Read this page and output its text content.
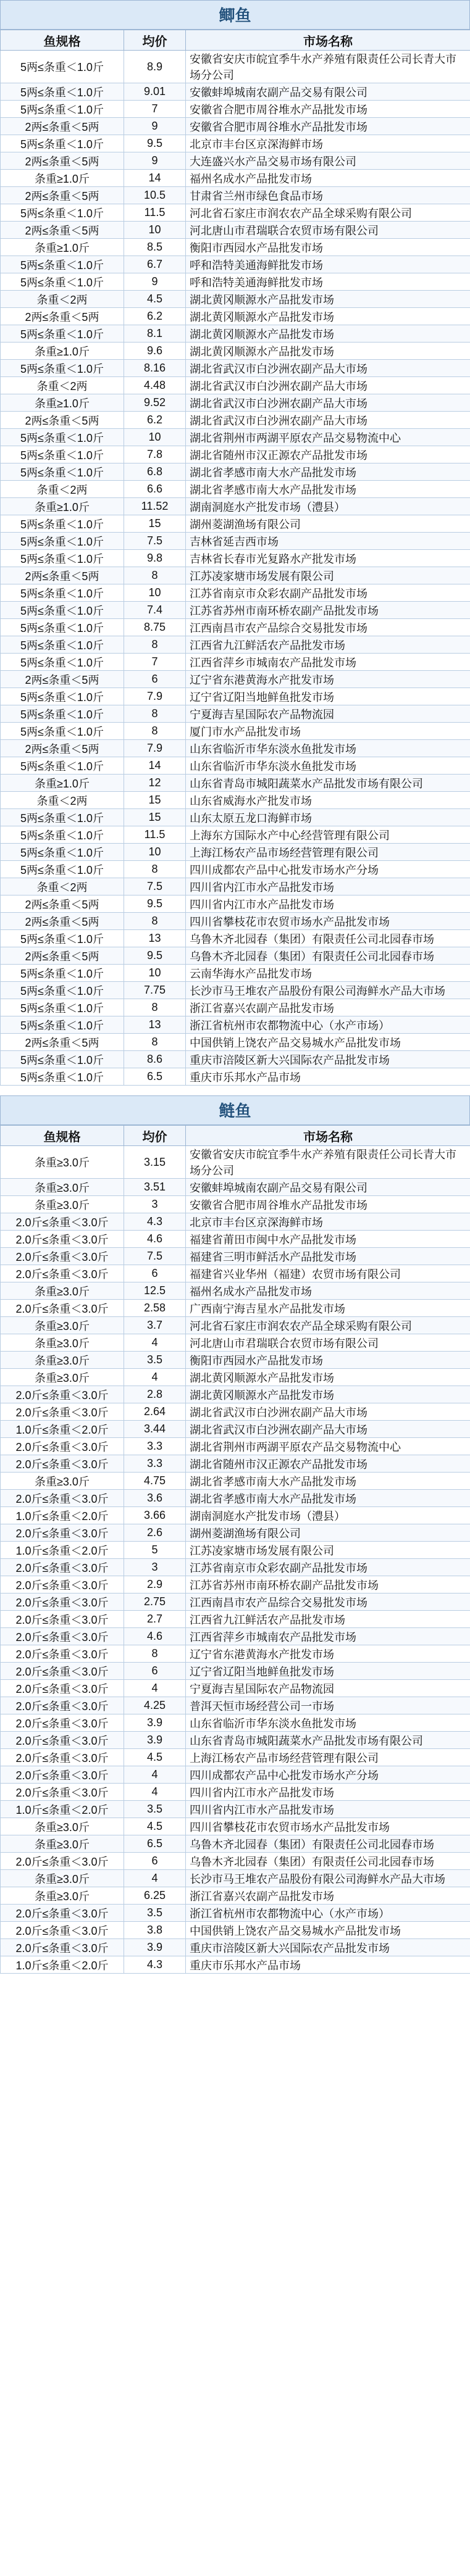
鲫鱼
鱼规格	均价	市场名称
5两≤条重＜1.0斤	8.9	安徽省安庆市皖宜季牛水产养殖有限责任公司长青大市场分公司
5两≤条重＜1.0斤	9.01	安徽蚌埠城南农副产品交易有限公司
5两≤条重＜1.0斤	7	安徽省合肥市周谷堆水产品批发市场
2两≤条重＜5两	9	安徽省合肥市周谷堆水产品批发市场
5两≤条重＜1.0斤	9.5	北京市丰台区京深海鲜市场
2两≤条重＜5两	9	大连盛兴水产品交易市场有限公司
条重≥1.0斤	14	福州名成水产品批发市场
2两≤条重＜5两	10.5	甘肃省兰州市绿色食品市场
5两≤条重＜1.0斤	11.5	河北省石家庄市润农农产品全球采购有限公司
2两≤条重＜5两	10	河北唐山市君瑞联合农贸市场有限公司
条重≥1.0斤	8.5	衡阳市西园水产品批发市场
5两≤条重＜1.0斤	6.7	呼和浩特美通海鲜批发市场
5两≤条重＜1.0斤	9	呼和浩特美通海鲜批发市场
条重＜2两	4.5	湖北黄冈顺源水产品批发市场
2两≤条重＜5两	6.2	湖北黄冈顺源水产品批发市场
5两≤条重＜1.0斤	8.1	湖北黄冈顺源水产品批发市场
条重≥1.0斤	9.6	湖北黄冈顺源水产品批发市场
5两≤条重＜1.0斤	8.16	湖北省武汉市白沙洲农副产品大市场
条重＜2两	4.48	湖北省武汉市白沙洲农副产品大市场
条重≥1.0斤	9.52	湖北省武汉市白沙洲农副产品大市场
2两≤条重＜5两	6.2	湖北省武汉市白沙洲农副产品大市场
5两≤条重＜1.0斤	10	湖北省荆州市两湖平原农产品交易物流中心
5两≤条重＜1.0斤	7.8	湖北省随州市汉正源农产品批发市场
5两≤条重＜1.0斤	6.8	湖北省孝感市南大水产品批发市场
条重＜2两	6.6	湖北省孝感市南大水产品批发市场
条重≥1.0斤	11.52	湖南洞庭水产批发市场（澧县）
5两≤条重＜1.0斤	15	湖州菱湖渔场有限公司
5两≤条重＜1.0斤	7.5	吉林省延吉西市场
5两≤条重＜1.0斤	9.8	吉林省长春市光复路水产批发市场
2两≤条重＜5两	8	江苏凌家塘市场发展有限公司
5两≤条重＜1.0斤	10	江苏省南京市众彩农副产品批发市场
5两≤条重＜1.0斤	7.4	江苏省苏州市南环桥农副产品批发市场
5两≤条重＜1.0斤	8.75	江西南昌市农产品综合交易批发市场
5两≤条重＜1.0斤	8	江西省九江鲜活农产品批发市场
5两≤条重＜1.0斤	7	江西省萍乡市城南农产品批发市场
2两≤条重＜5两	6	辽宁省东港黄海水产批发市场
5两≤条重＜1.0斤	7.9	辽宁省辽阳当地鲜鱼批发市场
5两≤条重＜1.0斤	8	宁夏海吉星国际农产品物流园
5两≤条重＜1.0斤	8	厦门市水产品批发市场
2两≤条重＜5两	7.9	山东省临沂市华东淡水鱼批发市场
5两≤条重＜1.0斤	14	山东省临沂市华东淡水鱼批发市场
条重≥1.0斤	12	山东省青岛市城阳蔬菜水产品批发市场有限公司
条重＜2两	15	山东省威海水产批发市场
5两≤条重＜1.0斤	15	山东太原五龙口海鲜市场
5两≤条重＜1.0斤	11.5	上海东方国际水产中心经营管理有限公司
5两≤条重＜1.0斤	10	上海江杨农产品市场经营管理有限公司
5两≤条重＜1.0斤	8	四川成都农产品中心批发市场水产分场
条重＜2两	7.5	四川省内江市水产品批发市场
2两≤条重＜5两	9.5	四川省内江市水产品批发市场
2两≤条重＜5两	8	四川省攀枝花市农贸市场水产品批发市场
5两≤条重＜1.0斤	13	乌鲁木齐北园春（集团）有限责任公司北园春市场
2两≤条重＜5两	9.5	乌鲁木齐北园春（集团）有限责任公司北园春市场
5两≤条重＜1.0斤	10	云南华海水产品批发市场
5两≤条重＜1.0斤	7.75	长沙市马王堆农产品股份有限公司海鲜水产品大市场
5两≤条重＜1.0斤	8	浙江省嘉兴农副产品批发市场
5两≤条重＜1.0斤	13	浙江省杭州市农都物流中心（水产市场）
2两≤条重＜5两	8	中国供销上饶农产品交易城水产品批发市场
5两≤条重＜1.0斤	8.6	重庆市涪陵区新大兴国际农产品批发市场
5两≤条重＜1.0斤	6.5	重庆市乐邦水产品市场
鲢鱼
鱼规格	均价	市场名称
条重≥3.0斤	3.15	安徽省安庆市皖宜季牛水产养殖有限责任公司长青大市场分公司
条重≥3.0斤	3.51	安徽蚌埠城南农副产品交易有限公司
条重≥3.0斤	3	安徽省合肥市周谷堆水产品批发市场
2.0斤≤条重＜3.0斤	4.3	北京市丰台区京深海鲜市场
2.0斤≤条重＜3.0斤	4.6	福建省莆田市闽中水产品批发市场
2.0斤≤条重＜3.0斤	7.5	福建省三明市鲜活水产品批发市场
2.0斤≤条重＜3.0斤	6	福建省兴业华州（福建）农贸市场有限公司
条重≥3.0斤	12.5	福州名成水产品批发市场
2.0斤≤条重＜3.0斤	2.58	广西南宁海吉星水产品批发市场
条重≥3.0斤	3.7	河北省石家庄市润农农产品全球采购有限公司
条重≥3.0斤	4	河北唐山市君瑞联合农贸市场有限公司
条重≥3.0斤	3.5	衡阳市西园水产品批发市场
条重≥3.0斤	4	湖北黄冈顺源水产品批发市场
2.0斤≤条重＜3.0斤	2.8	湖北黄冈顺源水产品批发市场
2.0斤≤条重＜3.0斤	2.64	湖北省武汉市白沙洲农副产品大市场
1.0斤≤条重＜2.0斤	3.44	湖北省武汉市白沙洲农副产品大市场
2.0斤≤条重＜3.0斤	3.3	湖北省荆州市两湖平原农产品交易物流中心
2.0斤≤条重＜3.0斤	3.3	湖北省随州市汉正源农产品批发市场
条重≥3.0斤	4.75	湖北省孝感市南大水产品批发市场
2.0斤≤条重＜3.0斤	3.6	湖北省孝感市南大水产品批发市场
1.0斤≤条重＜2.0斤	3.66	湖南洞庭水产批发市场（澧县）
2.0斤≤条重＜3.0斤	2.6	湖州菱湖渔场有限公司
1.0斤≤条重＜2.0斤	5	江苏凌家塘市场发展有限公司
2.0斤≤条重＜3.0斤	3	江苏省南京市众彩农副产品批发市场
2.0斤≤条重＜3.0斤	2.9	江苏省苏州市南环桥农副产品批发市场
2.0斤≤条重＜3.0斤	2.75	江西南昌市农产品综合交易批发市场
2.0斤≤条重＜3.0斤	2.7	江西省九江鲜活农产品批发市场
2.0斤≤条重＜3.0斤	4.6	江西省萍乡市城南农产品批发市场
2.0斤≤条重＜3.0斤	8	辽宁省东港黄海水产批发市场
2.0斤≤条重＜3.0斤	6	辽宁省辽阳当地鲜鱼批发市场
2.0斤≤条重＜3.0斤	4	宁夏海吉星国际农产品物流园
2.0斤≤条重＜3.0斤	4.25	普洱天恒市场经营公司一市场
2.0斤≤条重＜3.0斤	3.9	山东省临沂市华东淡水鱼批发市场
2.0斤≤条重＜3.0斤	3.9	山东省青岛市城阳蔬菜水产品批发市场有限公司
2.0斤≤条重＜3.0斤	4.5	上海江杨农产品市场经营管理有限公司
2.0斤≤条重＜3.0斤	4	四川成都农产品中心批发市场水产分场
2.0斤≤条重＜3.0斤	4	四川省内江市水产品批发市场
1.0斤≤条重＜2.0斤	3.5	四川省内江市水产品批发市场
条重≥3.0斤	4.5	四川省攀枝花市农贸市场水产品批发市场
条重≥3.0斤	6.5	乌鲁木齐北园春（集团）有限责任公司北园春市场
2.0斤≤条重＜3.0斤	6	乌鲁木齐北园春（集团）有限责任公司北园春市场
条重≥3.0斤	4	长沙市马王堆农产品股份有限公司海鲜水产品大市场
条重≥3.0斤	6.25	浙江省嘉兴农副产品批发市场
2.0斤≤条重＜3.0斤	3.5	浙江省杭州市农都物流中心（水产市场）
2.0斤≤条重＜3.0斤	3.8	中国供销上饶农产品交易城水产品批发市场
2.0斤≤条重＜3.0斤	3.9	重庆市涪陵区新大兴国际农产品批发市场
1.0斤≤条重＜2.0斤	4.3	重庆市乐邦水产品市场
